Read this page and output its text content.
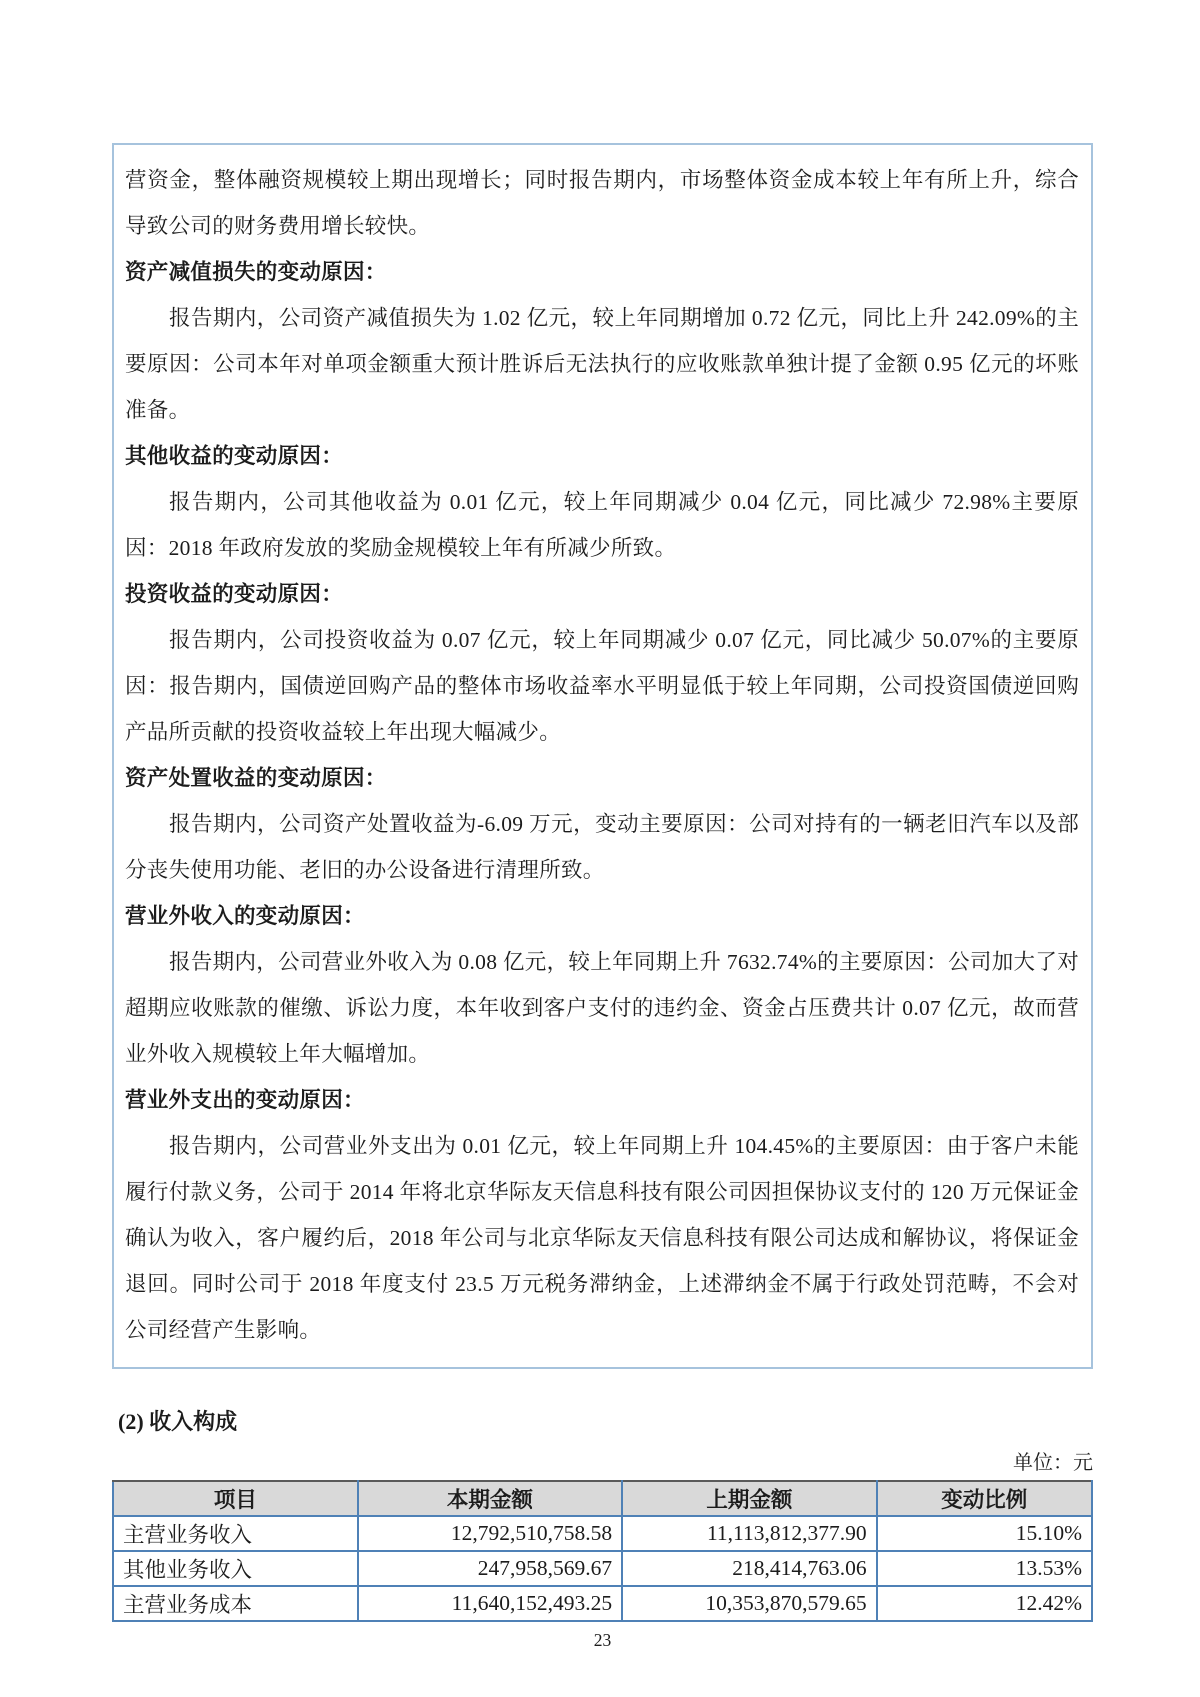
营资金，整体融资规模较上期出现增长；同时报告期内，市场整体资金成本较上年有所上升，综合导致公司的财务费用增长较快。

资产减值损失的变动原因：

报告期内，公司资产减值损失为 1.02 亿元，较上年同期增加 0.72 亿元，同比上升 242.09%的主要原因：公司本年对单项金额重大预计胜诉后无法执行的应收账款单独计提了金额 0.95 亿元的坏账准备。

其他收益的变动原因：

报告期内，公司其他收益为 0.01 亿元，较上年同期减少 0.04 亿元，同比减少 72.98%主要原因：2018 年政府发放的奖励金规模较上年有所减少所致。

投资收益的变动原因：

报告期内，公司投资收益为 0.07 亿元，较上年同期减少 0.07 亿元，同比减少 50.07%的主要原因：报告期内，国债逆回购产品的整体市场收益率水平明显低于较上年同期，公司投资国债逆回购产品所贡献的投资收益较上年出现大幅减少。

资产处置收益的变动原因：

报告期内，公司资产处置收益为-6.09 万元，变动主要原因：公司对持有的一辆老旧汽车以及部分丧失使用功能、老旧的办公设备进行清理所致。

营业外收入的变动原因：

报告期内，公司营业外收入为 0.08 亿元，较上年同期上升 7632.74%的主要原因：公司加大了对超期应收账款的催缴、诉讼力度，本年收到客户支付的违约金、资金占压费共计 0.07 亿元，故而营业外收入规模较上年大幅增加。

营业外支出的变动原因：

报告期内，公司营业外支出为 0.01 亿元，较上年同期上升 104.45%的主要原因：由于客户未能履行付款义务，公司于 2014 年将北京华际友天信息科技有限公司因担保协议支付的 120 万元保证金确认为收入，客户履约后，2018 年公司与北京华际友天信息科技有限公司达成和解协议，将保证金退回。同时公司于 2018 年度支付 23.5 万元税务滞纳金，上述滞纳金不属于行政处罚范畴，不会对公司经营产生影响。

(2) 收入构成
单位：元
项目	本期金额	上期金额	变动比例
主营业务收入	12,792,510,758.58	11,113,812,377.90	15.10%
其他业务收入	247,958,569.67	218,414,763.06	13.53%
主营业务成本	11,640,152,493.25	10,353,870,579.65	12.42%
23
